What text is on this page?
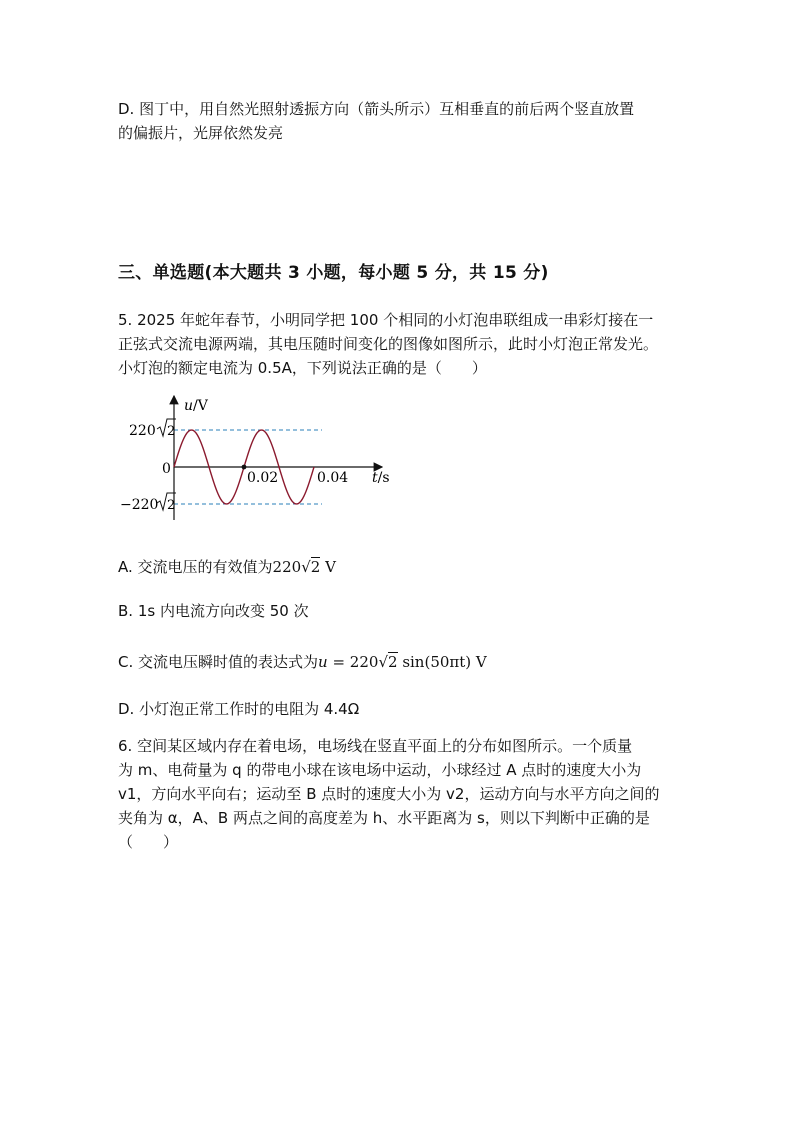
D. 图丁中，用自然光照射透振方向（箭头所示）互相垂直的前后两个竖直放置
的偏振片，光屏依然发亮
三、单选题(本大题共 3 小题，每小题 5 分，共 15 分)
5. 2025 年蛇年春节，小明同学把 100 个相同的小灯泡串联组成一串彩灯接在一
正弦式交流电源两端，其电压随时间变化的图像如图所示，此时小灯泡正常发光。
小灯泡的额定电流为 0.5A，下列说法正确的是（　　）
u/V
t/s
0
220 2
−220 2
0.02	0.04
A. 交流电压的有效值为220√2 V
B. 1s 内电流方向改变 50 次
C. 交流电压瞬时值的表达式为u = 220√2 sin(50πt) V
D. 小灯泡正常工作时的电阻为 4.4Ω
6. 空间某区域内存在着电场，电场线在竖直平面上的分布如图所示。一个质量
为 m、电荷量为 q 的带电小球在该电场中运动，小球经过 A 点时的速度大小为
v1，方向水平向右；运动至 B 点时的速度大小为 v2，运动方向与水平方向之间的
夹角为 α，A、B 两点之间的高度差为 h、水平距离为 s，则以下判断中正确的是
（　　）
